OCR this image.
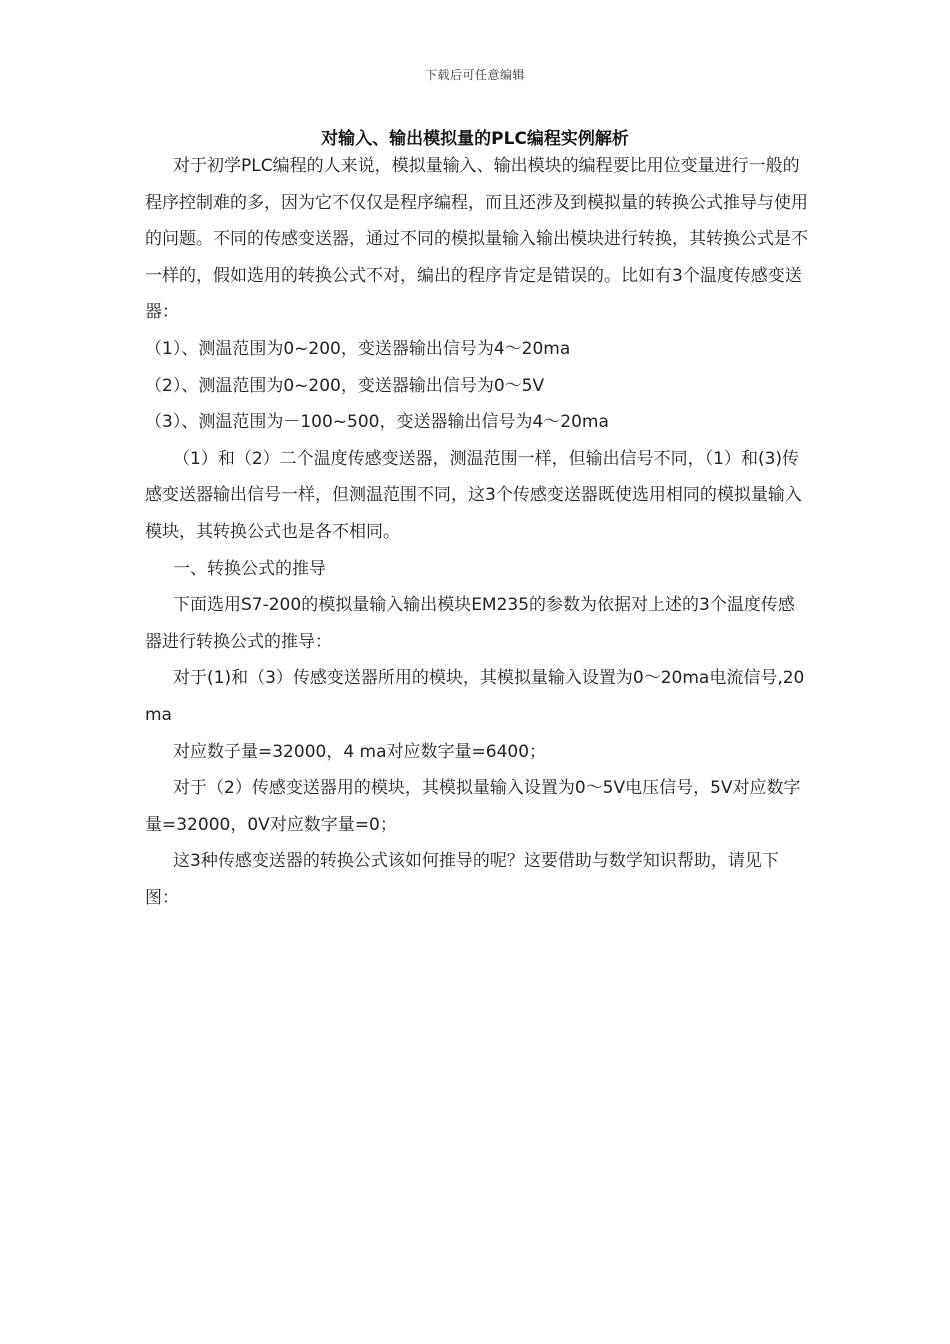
下载后可任意编辑
对输入、输出模拟量的PLC编程实例解析

对于初学PLC编程的人来说，模拟量输入、输出模块的编程要比用位变量进行一般的程序控制难的多，因为它不仅仅是程序编程，而且还涉及到模拟量的转换公式推导与使用的问题。不同的传感变送器，通过不同的模拟量输入输出模块进行转换，其转换公式是不一样的，假如选用的转换公式不对，编出的程序肯定是错误的。比如有3个温度传感变送器：

（1）、测温范围为0~200，变送器输出信号为4～20ma

（2）、测温范围为0~200，变送器输出信号为0～5V

（3）、测温范围为－100~500，变送器输出信号为4～20ma

（1）和（2）二个温度传感变送器，测温范围一样，但输出信号不同，（1）和(3)传感变送器输出信号一样，但测温范围不同，这3个传感变送器既使选用相同的模拟量输入模块，其转换公式也是各不相同。

一、转换公式的推导

下面选用S7-200的模拟量输入输出模块EM235的参数为依据对上述的3个温度传感器进行转换公式的推导：

对于(1)和（3）传感变送器所用的模块，其模拟量输入设置为0～20ma电流信号,20ma

对应数子量=32000，4 ma对应数字量=6400；

对于（2）传感变送器用的模块，其模拟量输入设置为0～5V电压信号，5V对应数字量=32000，0V对应数字量=0；

这3种传感变送器的转换公式该如何推导的呢？这要借助与数学知识帮助，请见下图：
